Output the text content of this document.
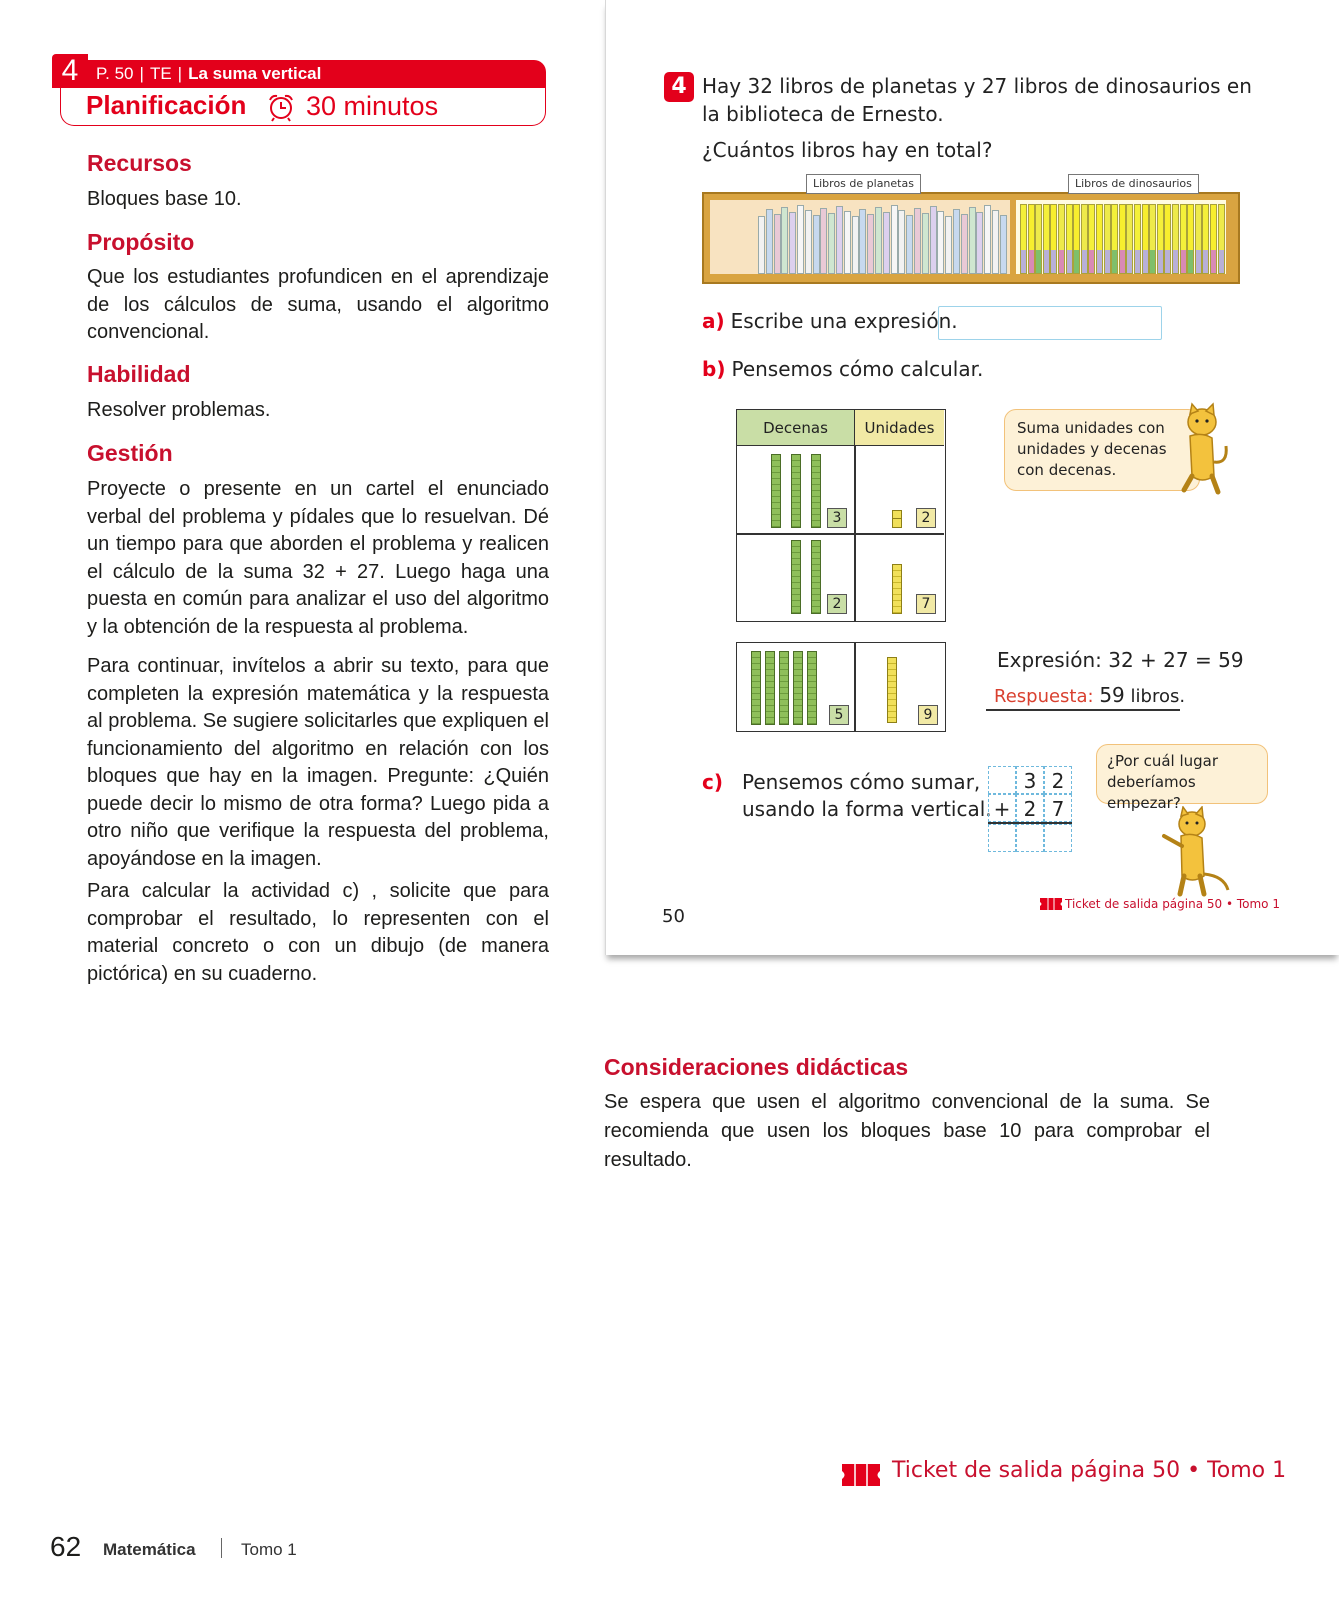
4	P. 50 | TE | La suma vertical
Planificación 30 minutos
Recursos
Bloques base 10.
Propósito
Que los estudiantes profundicen en el aprendizaje de los cálculos de suma, usando el algoritmo convencional.
Habilidad
Resolver problemas.
Gestión
Proyecte o presente en un cartel el enunciado verbal del problema y pídales que lo resuelvan. Dé un tiempo para que aborden el problema y realicen el cálculo de la suma 32 + 27. Luego haga una puesta en común para analizar el uso del algoritmo y la obtención de la respuesta al problema.
Para continuar, invítelos a abrir su texto, para que completen la expresión matemática y la respuesta al problema. Se sugiere solicitarles que expliquen el funcionamiento del algoritmo en relación con los bloques que hay en la imagen. Pregunte: ¿Quién puede decir lo mismo de otra forma? Luego pida a otro niño que verifique la respuesta del problema, apoyándose en la imagen.
Para calcular la actividad c) , solicite que para comprobar el resultado, lo representen con el material concreto o con un dibujo (de manera pictórica) en su cuaderno.
4 Hay 32 libros de planetas y 27 libros de dinosaurios en la biblioteca de Ernesto.
¿Cuántos libros hay en total?
Libros de planetas	Libros de dinosaurios
a) Escribe una expresión.
b) Pensemos cómo calcular.
Decenas	Unidades
3	2
2	7
Suma unidades con unidades y decenas con decenas.
5	9
Expresión: 32 + 27 = 59
Respuesta: 59 libros.
c) Pensemos cómo sumar,
usando la forma vertical.
3 2
+ 2 7
¿Por cuál lugar deberíamos empezar?
50
Ticket de salida página 50 • Tomo 1
Consideraciones didácticas
Se espera que usen el algoritmo convencional de la suma. Se recomienda que usen los bloques base 10 para comprobar el resultado.
Ticket de salida página 50 • Tomo 1
62 Matemática	Tomo 1
